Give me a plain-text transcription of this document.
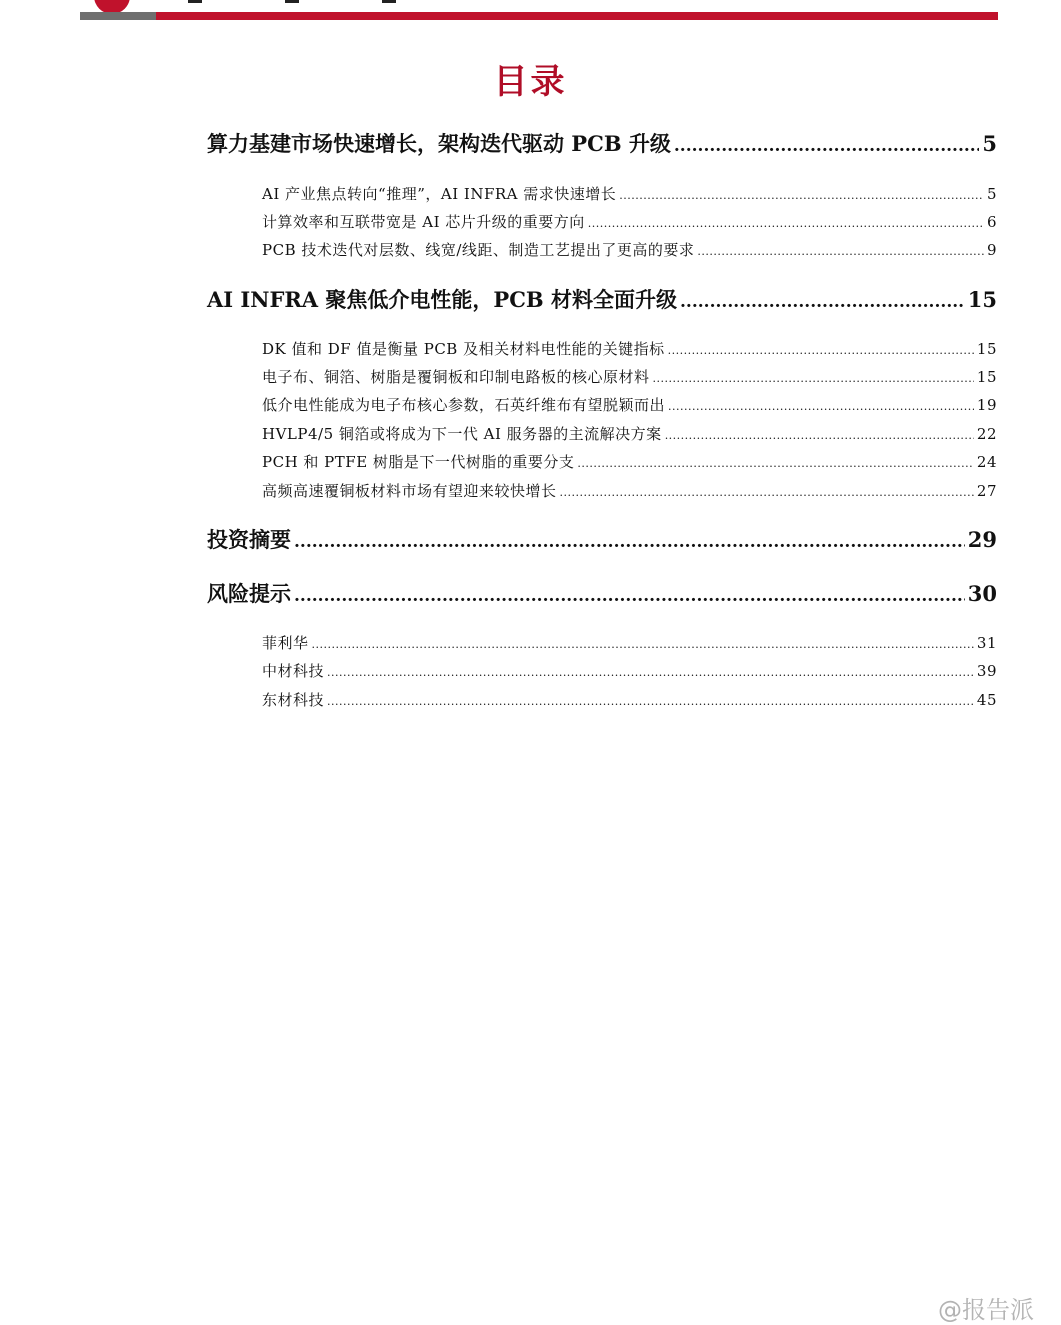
目录
算力基建市场快速增长，架构迭代驱动 PCB 升级 .....	5
AI 产业焦点转向“推理”，AI INFRA 需求快速增长 .....	5
计算效率和互联带宽是 AI 芯片升级的重要方向 .....	6
PCB 技术迭代对层数、线宽/线距、制造工艺提出了更高的要求 .....	9
AI INFRA 聚焦低介电性能，PCB 材料全面升级 .....	15
DK 值和 DF 值是衡量 PCB 及相关材料电性能的关键指标 .....	15
电子布、铜箔、树脂是覆铜板和印制电路板的核心原材料 .....	15
低介电性能成为电子布核心参数，石英纤维布有望脱颖而出 .....	19
HVLP4/5 铜箔或将成为下一代 AI 服务器的主流解决方案 .....	22
PCH 和 PTFE 树脂是下一代树脂的重要分支 .....	24
高频高速覆铜板材料市场有望迎来较快增长 .....	27
投资摘要 .....	29
风险提示 .....	30
菲利华 .....	31
中材科技 .....	39
东材科技 .....	45
@报告派
